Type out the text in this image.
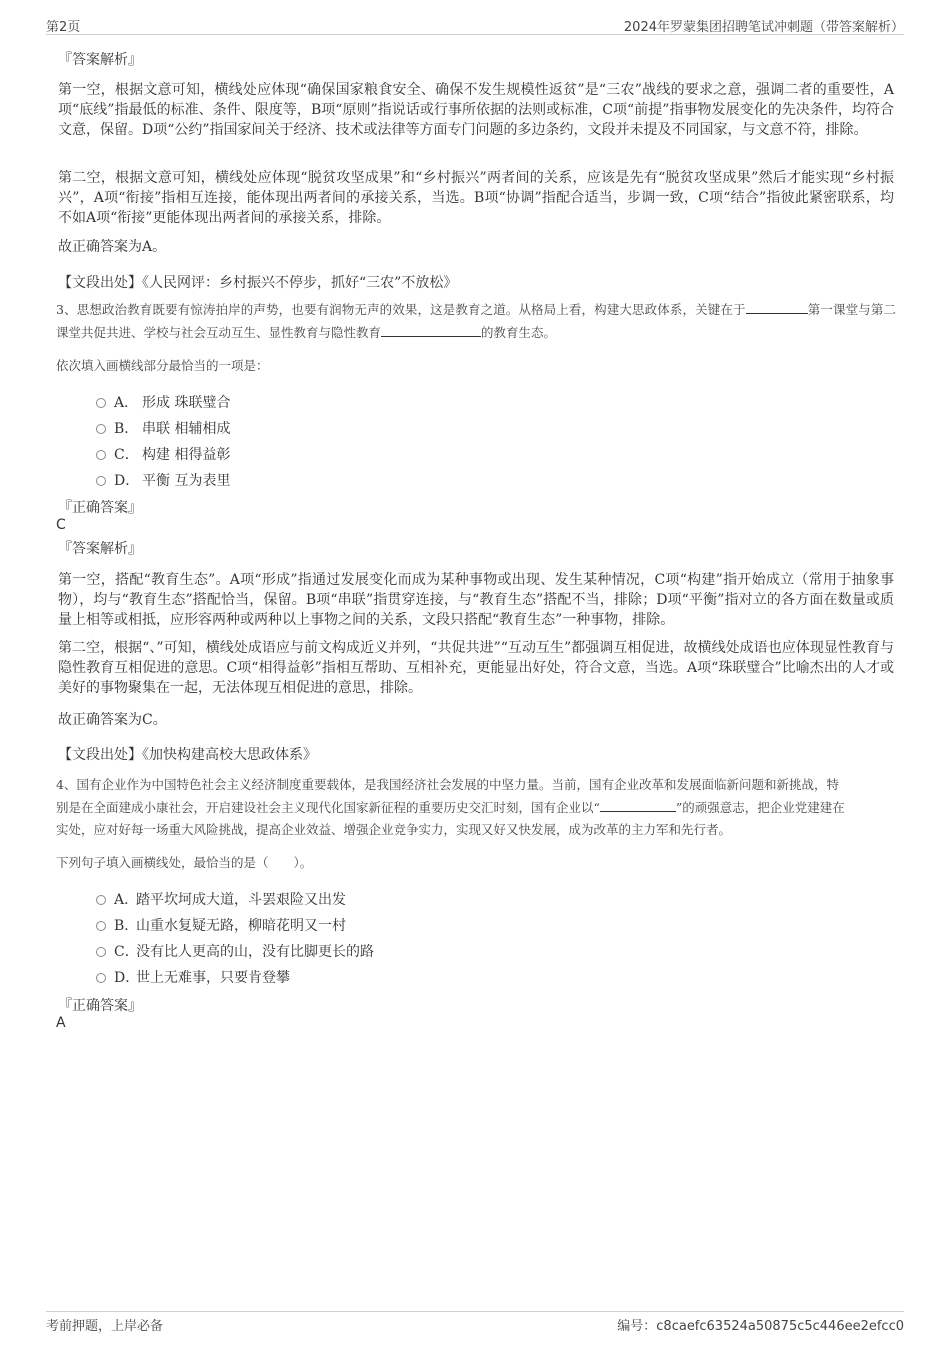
第2页	2024年罗蒙集团招聘笔试冲刺题（带答案解析）
『答案解析』
第一空，根据文意可知，横线处应体现“确保国家粮食安全、确保不发生规模性返贫”是“三农”战线的要求之意，强调二者的重要性，A项“底线”指最低的标准、条件、限度等，B项“原则”指说话或行事所依据的法则或标准，C项“前提”指事物发展变化的先决条件，均符合文意，保留。D项“公约”指国家间关于经济、技术或法律等方面专门问题的多边条约，文段并未提及不同国家，与文意不符，排除。
第二空，根据文意可知，横线处应体现“脱贫攻坚成果”和“乡村振兴”两者间的关系，应该是先有“脱贫攻坚成果”然后才能实现“乡村振兴”，A项“衔接”指相互连接，能体现出两者间的承接关系，当选。B项“协调”指配合适当，步调一致，C项“结合”指彼此紧密联系，均不如A项“衔接”更能体现出两者间的承接关系，排除。
故正确答案为A。
【文段出处】《人民网评：乡村振兴不停步，抓好“三农”不放松》
3、思想政治教育既要有惊涛拍岸的声势，也要有润物无声的效果，这是教育之道。从格局上看，构建大思政体系，关键在于	第一课堂与第二课堂共促共进、学校与社会互动互生、显性教育与隐性教育	的教育生态。
依次填入画横线部分最恰当的一项是：
A． 形成 珠联璧合
B． 串联 相辅相成
C． 构建 相得益彰
D． 平衡 互为表里
『正确答案』
C
『答案解析』
第一空，搭配“教育生态”。A项“形成”指通过发展变化而成为某种事物或出现、发生某种情况，C项“构建”指开始成立（常用于抽象事物），均与“教育生态”搭配恰当，保留。B项“串联”指贯穿连接，与“教育生态”搭配不当，排除；D项“平衡”指对立的各方面在数量或质量上相等或相抵，应形容两种或两种以上事物之间的关系，文段只搭配“教育生态”一种事物，排除。
第二空，根据“、”可知，横线处成语应与前文构成近义并列，“共促共进”“互动互生”都强调互相促进，故横线处成语也应体现显性教育与隐性教育互相促进的意思。C项“相得益彰”指相互帮助、互相补充，更能显出好处，符合文意，当选。A项“珠联璧合”比喻杰出的人才或美好的事物聚集在一起，无法体现互相促进的意思，排除。
故正确答案为C。
【文段出处】《加快构建高校大思政体系》
4、国有企业作为中国特色社会主义经济制度重要载体，是我国经济社会发展的中坚力量。当前，国有企业改革和发展面临新问题和新挑战，特
别是在全面建成小康社会，开启建设社会主义现代化国家新征程的重要历史交汇时刻，国有企业以“	”的顽强意志，把企业党建建在
实处，应对好每一场重大风险挑战，提高企业效益、增强企业竞争实力，实现又好又快发展，成为改革的主力军和先行者。
下列句子填入画横线处，最恰当的是（　　）。
A．踏平坎坷成大道，斗罢艰险又出发
B．山重水复疑无路，柳暗花明又一村
C．没有比人更高的山，没有比脚更长的路
D．世上无难事，只要肯登攀
『正确答案』
A
考前押题，上岸必备	编号：c8caefc63524a50875c5c446ee2efcc0
